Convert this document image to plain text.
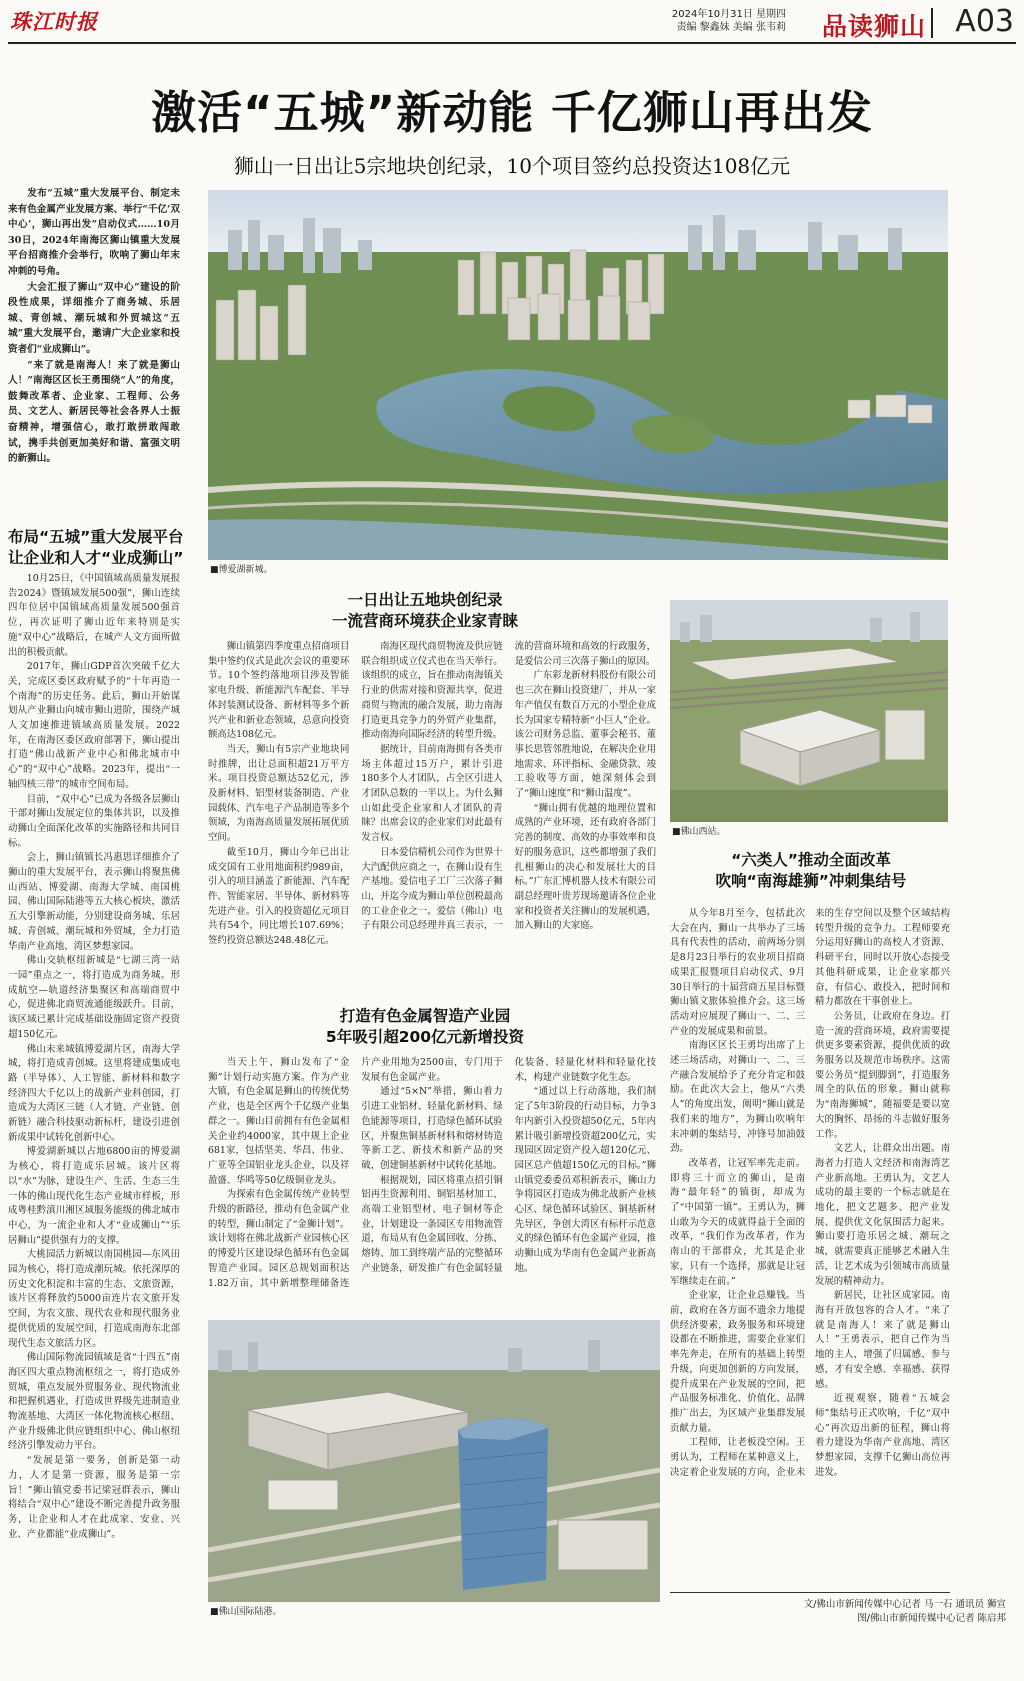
珠江时报	2024年10月31日 星期四
责编 黎鑫妹 美编 张韦莉 品读狮山 A03
激活“五城”新动能 千亿狮山再出发
狮山一日出让5宗地块创纪录，10个项目签约总投资达108亿元

发布“五城”重大发展平台、制定未来有色金属产业发展方案、举行“千亿‘双中心’，狮山再出发”启动仪式……10月30日，2024年南海区狮山镇重大发展平台招商推介会举行，吹响了狮山年末冲刺的号角。

大会汇报了狮山“双中心”建设的阶段性成果，详细推介了商务城、乐居城、青创城、潮玩城和外贸城这“五城”重大发展平台，邀请广大企业家和投资者们“业成狮山”。

“来了就是南海人！来了就是狮山人！”南海区区长王勇围绕“人”的角度，鼓舞改革者、企业家、工程师、公务员、文艺人、新居民等社会各界人士振奋精神，增强信心，敢打敢拼敢闯敢试，携手共创更加美好和谐、富强文明的新狮山。

■博爱湖新城。
布局“五城”重大发展平台
让企业和人才“业成狮山”

10月25日，《中国镇域高质量发展报告2024》暨镇域发展500强”，狮山连续四年位居中国镇域高质量发展500强首位，再次证明了狮山近年来特别是实施“双中心”战略后，在城产人文方面所做出的积极贡献。

2017年，狮山GDP首次突破千亿大关，完成区委区政府赋予的“十年再造一个南海”的历史任务。此后，狮山开始谋划从产业狮山向城市狮山进阶，围绕产城人文加速推进镇域高质量发展。2022年，在南海区委区政府部署下，狮山提出打造“佛山战新产业中心和佛北城市中心”的“双中心”战略。2023年，提出“一轴四核三带”的城市空间布局。

目前，“双中心”已成为各级各层狮山干部对狮山发展定位的集体共识，以及推动狮山全面深化改革的实施路径和共同目标。

会上，狮山镇镇长冯惠思详细推介了狮山的重大发展平台，表示狮山将聚焦佛山西站、博爱湖、南海大学城、南国桃园、佛山国际陆港等五大核心板块，激活五大引擎新动能，分别建设商务城、乐居城、青创城、潮玩城和外贸城，全力打造华南产业高地、湾区梦想家园。

佛山交轨枢纽新城是“七湖三湾一站一园”重点之一，将打造成为商务城。形成航空—轨道经济集聚区和高端商贸中心，促进佛北商贸流通能级跃升。目前，该区域已累计完成基础设施固定资产投资超150亿元。

佛山未来城镇博爱湖片区，南海大学城，将打造成青创城。这里将建成集成电路（半导体）、人工智能、新材料和数字经济四大千亿以上的战新产业科创园，打造成为大湾区三链（人才链、产业链、创新链）融合科技驱动新标杆，建设引进创新成果中试转化创新中心。

博爱湖新城以占地6800亩的博爱湖为核心，将打造成乐居城。该片区将以“水”为脉，建设生产、生活、生态三生一体的佛山现代化生态产业城市样板，形成粤桂黔滇川湘区域服务能级的佛北城市中心，为一流企业和人才“业成狮山”“乐居狮山”提供强有力的支撑。

大桃园活力新城以南国桃园—东风田园为核心，将打造成潮玩城。依托深厚的历史文化积淀和丰富的生态、文旅资源，该片区将释放约5000亩连片农文旅开发空间，为农文旅、现代农业和现代服务业提供优质的发展空间，打造成南海东北部现代生态文旅活力区。

佛山国际物流园镇域是省“十四五”南海区四大重点物流枢纽之一，将打造成外贸城，重点发展外贸服务业、现代物流业和把握机遇业，打造成世界级先进制造业物流基地、大湾区一体化物流核心枢纽、产业升级佛北供应链组织中心、佛山枢纽经济引擎发动力平台。

“发展是第一要务，创新是第一动力，人才是第一资源，服务是第一宗旨！”狮山镇党委书记梁冠群表示，狮山将结合“双中心”建设不断完善提升政务服务，让企业和人才在此成家、安业、兴业、产业都能“业成狮山”。

一日出让五地块创纪录
一流营商环境获企业家青睐

狮山镇第四季度重点招商项目集中签约仪式是此次会议的重要环节。10个签约落地项目涉及智能家电升级、新能源汽车配套、半导体封装测试设备、新材料等多个新兴产业和新业态领域，总意向投资额高达108亿元。

当天，狮山有5宗产业地块同时推牌，出让总面积超21万平方米。项目投资总额达52亿元，涉及新材料、铝型材装备制造、产业园载体、汽车电子产品制造等多个领域，为南海高质量发展拓展优质空间。

截至10月，狮山今年已出让成交国有工业用地面积约989亩，引入的项目涵盖了新能源、汽车配件、智能家居、半导体、新材料等先进产业。引入的投资超亿元项目共有54个，同比增长107.69%；签约投资总额达248.48亿元。

南海区现代商贸物流及供应链联合组织成立仪式也在当天举行。该组织的成立，旨在推动南海镇关行业的供需对接和资源共享，促进商贸与物流的融合发展，助力南海打造更具竞争力的外贸产业集群，推动南海向国际经济的转型升级。

据统计，目前南海拥有各类市场主体超过15万户，累计引进180多个人才团队，占全区引进人才团队总数的一半以上。为什么狮山如此受企业家和人才团队的青睐？出席会议的企业家们对此最有发言权。

日本爱信精机公司作为世界十大汽配供应商之一，在狮山设有生产基地。爱信电子工厂三次落子狮山，并迄今成为狮山单位创税最高的工业企业之一。爱信（佛山）电子有限公司总经理井真三表示，一流的营商环境和高效的行政服务，是爱信公司三次落子狮山的原因。

广东彩龙新材料股份有限公司也三次在狮山投资建厂，并从一家年产值仅有数百万元的小型企业成长为国家专精特新“小巨人”企业。该公司财务总监、董事会秘书、董事长思管邻胜地说，在解决企业用地需求、环评指标、金融贷款、竣工验收等方面，她深刻体会到了“狮山速度”和“狮山温度”。

“狮山拥有优越的地理位置和成熟的产业环境，还有政府各部门完善的制度、高效的办事效率和良好的服务意识，这些都增强了我们扎根狮山的决心和发展壮大的目标。”广东汇博机器人技术有限公司副总经理叶贵芳现场邀请各位企业家和投资者关注狮山的发展机遇，加入狮山的大家庭。

■佛山西站。
“六类人”推动全面改革
吹响“南海雄狮”冲刺集结号

从今年8月至今，包括此次大会在内，狮山一共举办了三场具有代表性的活动，前两场分别是8月23日举行的农业项目招商成果汇报暨项目启动仪式、9月30日举行的十届营商五星目标暨狮山镇文旅体验推介会。这三场活动对应展现了狮山一、二、三产业的发展成果和前景。

南海区区长王勇均出席了上述三场活动，对狮山一、二、三产融合发展给予了充分肯定和鼓励。在此次大会上，他从“六类人”的角度出发，阐明“狮山就是我们来的地方”，为狮山吹响年末冲刺的集结号，冲锋号加油鼓劲。

改革者，让冠军率先走前。即将三十而立的狮山，是南海“最年轻”的镇街，却成为了“中国第一镇”。王勇认为，狮山敢为今天的成就得益于全面的改革，“我们作为改革者，作为南山的干部群众，尤其是企业家，只有一个选择，那就是让冠军继续走在前。”

企业家，让企业总赚钱。当前，政府在各方面不遗余力地提供经济要素，政务服务和环境建设都在不断推进，需要企业家们率先奔走，在所有的基础上转型升级，向更加创新的方向发展，提升成果在产业发展的空间，把产品服务标准化、价值化、品牌推广出去，为区域产业集群发展贡献力量。

工程师，让老板没空闲。王勇认为，工程师在某种意义上，决定着企业发展的方向，企业未来的生存空间以及整个区域结构转型升级的竞争力。工程师要充分运用好狮山的高校人才资源、科研平台，同时以开放心态接受其他科研成果，让企业家都兴奋，有信心、敢投入，把时间和精力都放在干事创业上。

公务员，让政府在身边。打造一流的营商环境，政府需要提供更多要素资源，提供优质的政务服务以及规范市场秩序。这需要公务员“提到脚到”，打造服务周全的队伍的形象。狮山就称为“南海狮城”，随福要是要以宽大的胸怀、昂扬的斗志做好服务工作。

文艺人，让群众出出题。南海者力打造人文经济和南海湾艺产业新高地。王勇认为，文艺人成功的最主要的一个标志就是在地化，把文艺题多、把产业发展、提供优文化氛围活力起来。狮山要打造乐居之城、潮玩之城，就需要真正能够艺术融入生活，让艺术成为引领城市高质量发展的精神动力。

新居民，让社区成家园。南海有开放包容的合人才。“来了就是南海人！来了就是狮山人！”王勇表示，把自己作为当地的主人，增强了归属感、参与感，才有安全感、幸福感、获得感。

近视观察，随着“五城会师”集结号正式吹响，千亿“双中心”再次迈出新的征程，狮山将着力建设为华南产业高地、湾区梦想家园，支撑千亿狮山高位再进发。

打造有色金属智造产业园
5年吸引超200亿元新增投资

当天上午，狮山发布了“金狮”计划行动实施方案。作为产业大镇，有色金属是狮山的传统优势产业，也是全区两个千亿级产业集群之一。狮山目前拥有有色金属相关企业约4000家，其中规上企业681家，包括坚美、华昌、伟业、广亚等全国铝业龙头企业，以及祥盈盛、华鸣等50亿级铜业龙头。

为探索有色金属传统产业转型升级的新路径，推动有色金属产业的转型，狮山制定了“金狮计划”。该计划将在佛北战新产业园核心区的博爱片区建设绿色循环有色金属智造产业园。园区总规划面积达1.82万亩，其中新增整理储备连片产业用地为2500亩，专门用于发展有色金属产业。

通过“5×N”举措，狮山着力引进工业铝材、轻量化新材料、绿色能源等项目，打造绿色循环试验区，并聚焦铜基新材料和熔材铸造等新工艺、新技术和新产品的突破，创建铜基新材中试转化基地。

根据规划，园区将重点招引铜铝再生资源利用、铜铝基材加工、高端工业铝型材、电子铜材等企业，计划建设一条园区专用物流管道，布局从有色金属回收、分拣、熔铸、加工到终端产品的完整循环产业链条，研发推广有色金属轻量化装备、轻量化材料和轻量化技术，构建产业链数字化生态。

“通过以上行动落地，我们制定了5年3阶段的行动目标，力争3年内新引入投资超50亿元，5年内累计吸引新增投资超200亿元，实现园区固定资产投入超120亿元、园区总产值超150亿元的目标。”狮山镇党委委员邓积新表示，狮山力争将园区打造成为佛北战新产业核心区、绿色循环试验区、铜基新材先导区，争创大湾区有标杆示范意义的绿色循环有色金属产业园，推动狮山成为华南有色金属产业新高地。

■佛山国际陆港。
文/佛山市新闻传媒中心记者 马一石 通讯员 狮宣
图/佛山市新闻传媒中心记者 陈启邦
